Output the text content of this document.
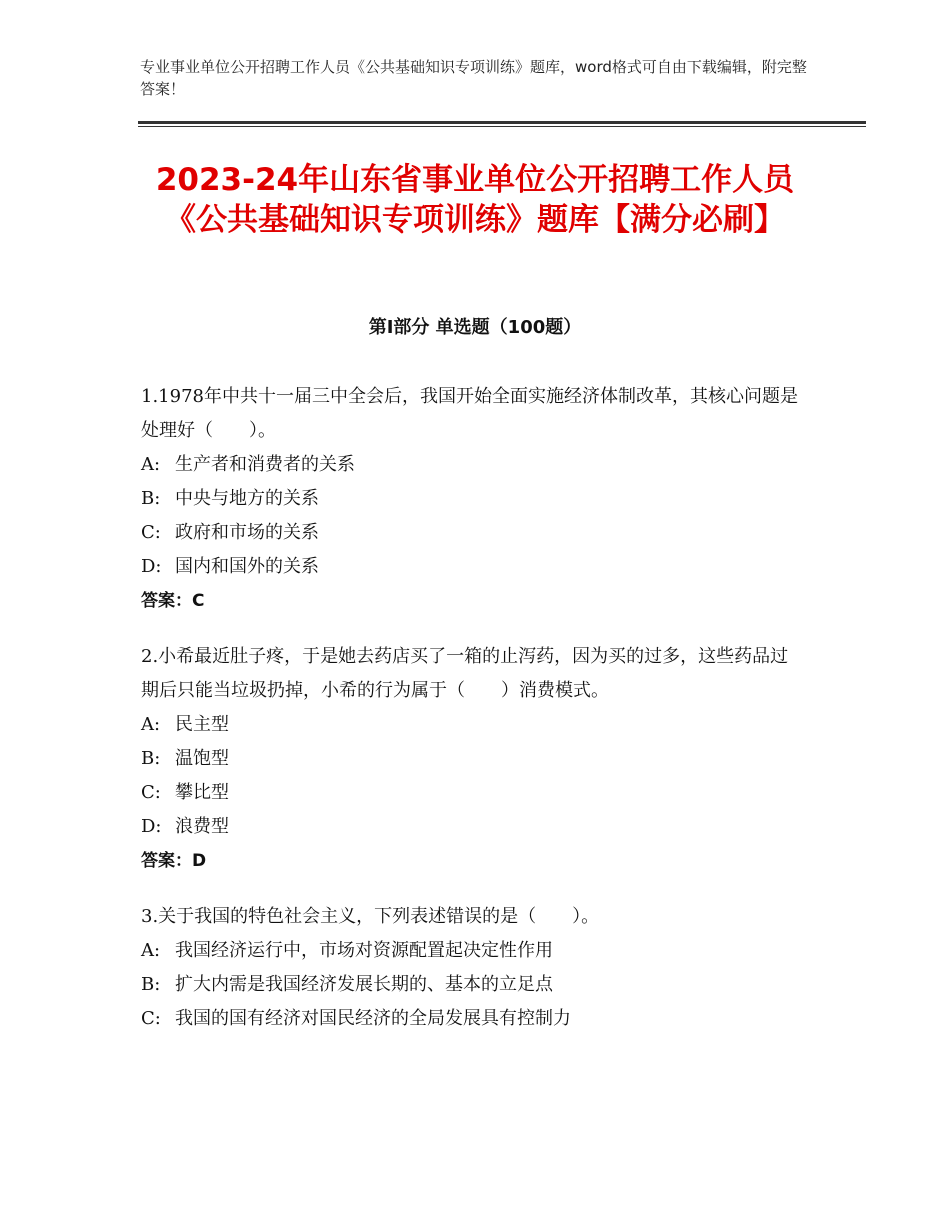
专业事业单位公开招聘工作人员《公共基础知识专项训练》题库，word格式可自由下载编辑，附完整答案！
2023-24年山东省事业单位公开招聘工作人员《公共基础知识专项训练》题库【满分必刷】
第Ⅰ部分 单选题（100题）

1.1978年中共十一届三中全会后，我国开始全面实施经济体制改革，其核心问题是处理好（　　）。

A: 生产者和消费者的关系

B: 中央与地方的关系

C: 政府和市场的关系

D: 国内和国外的关系

答案：C

2.小希最近肚子疼，于是她去药店买了一箱的止泻药，因为买的过多，这些药品过期后只能当垃圾扔掉，小希的行为属于（　　）消费模式。

A: 民主型

B: 温饱型

C: 攀比型

D: 浪费型

答案：D

3.关于我国的特色社会主义，下列表述错误的是（　　）。

A: 我国经济运行中，市场对资源配置起决定性作用

B: 扩大内需是我国经济发展长期的、基本的立足点

C: 我国的国有经济对国民经济的全局发展具有控制力
